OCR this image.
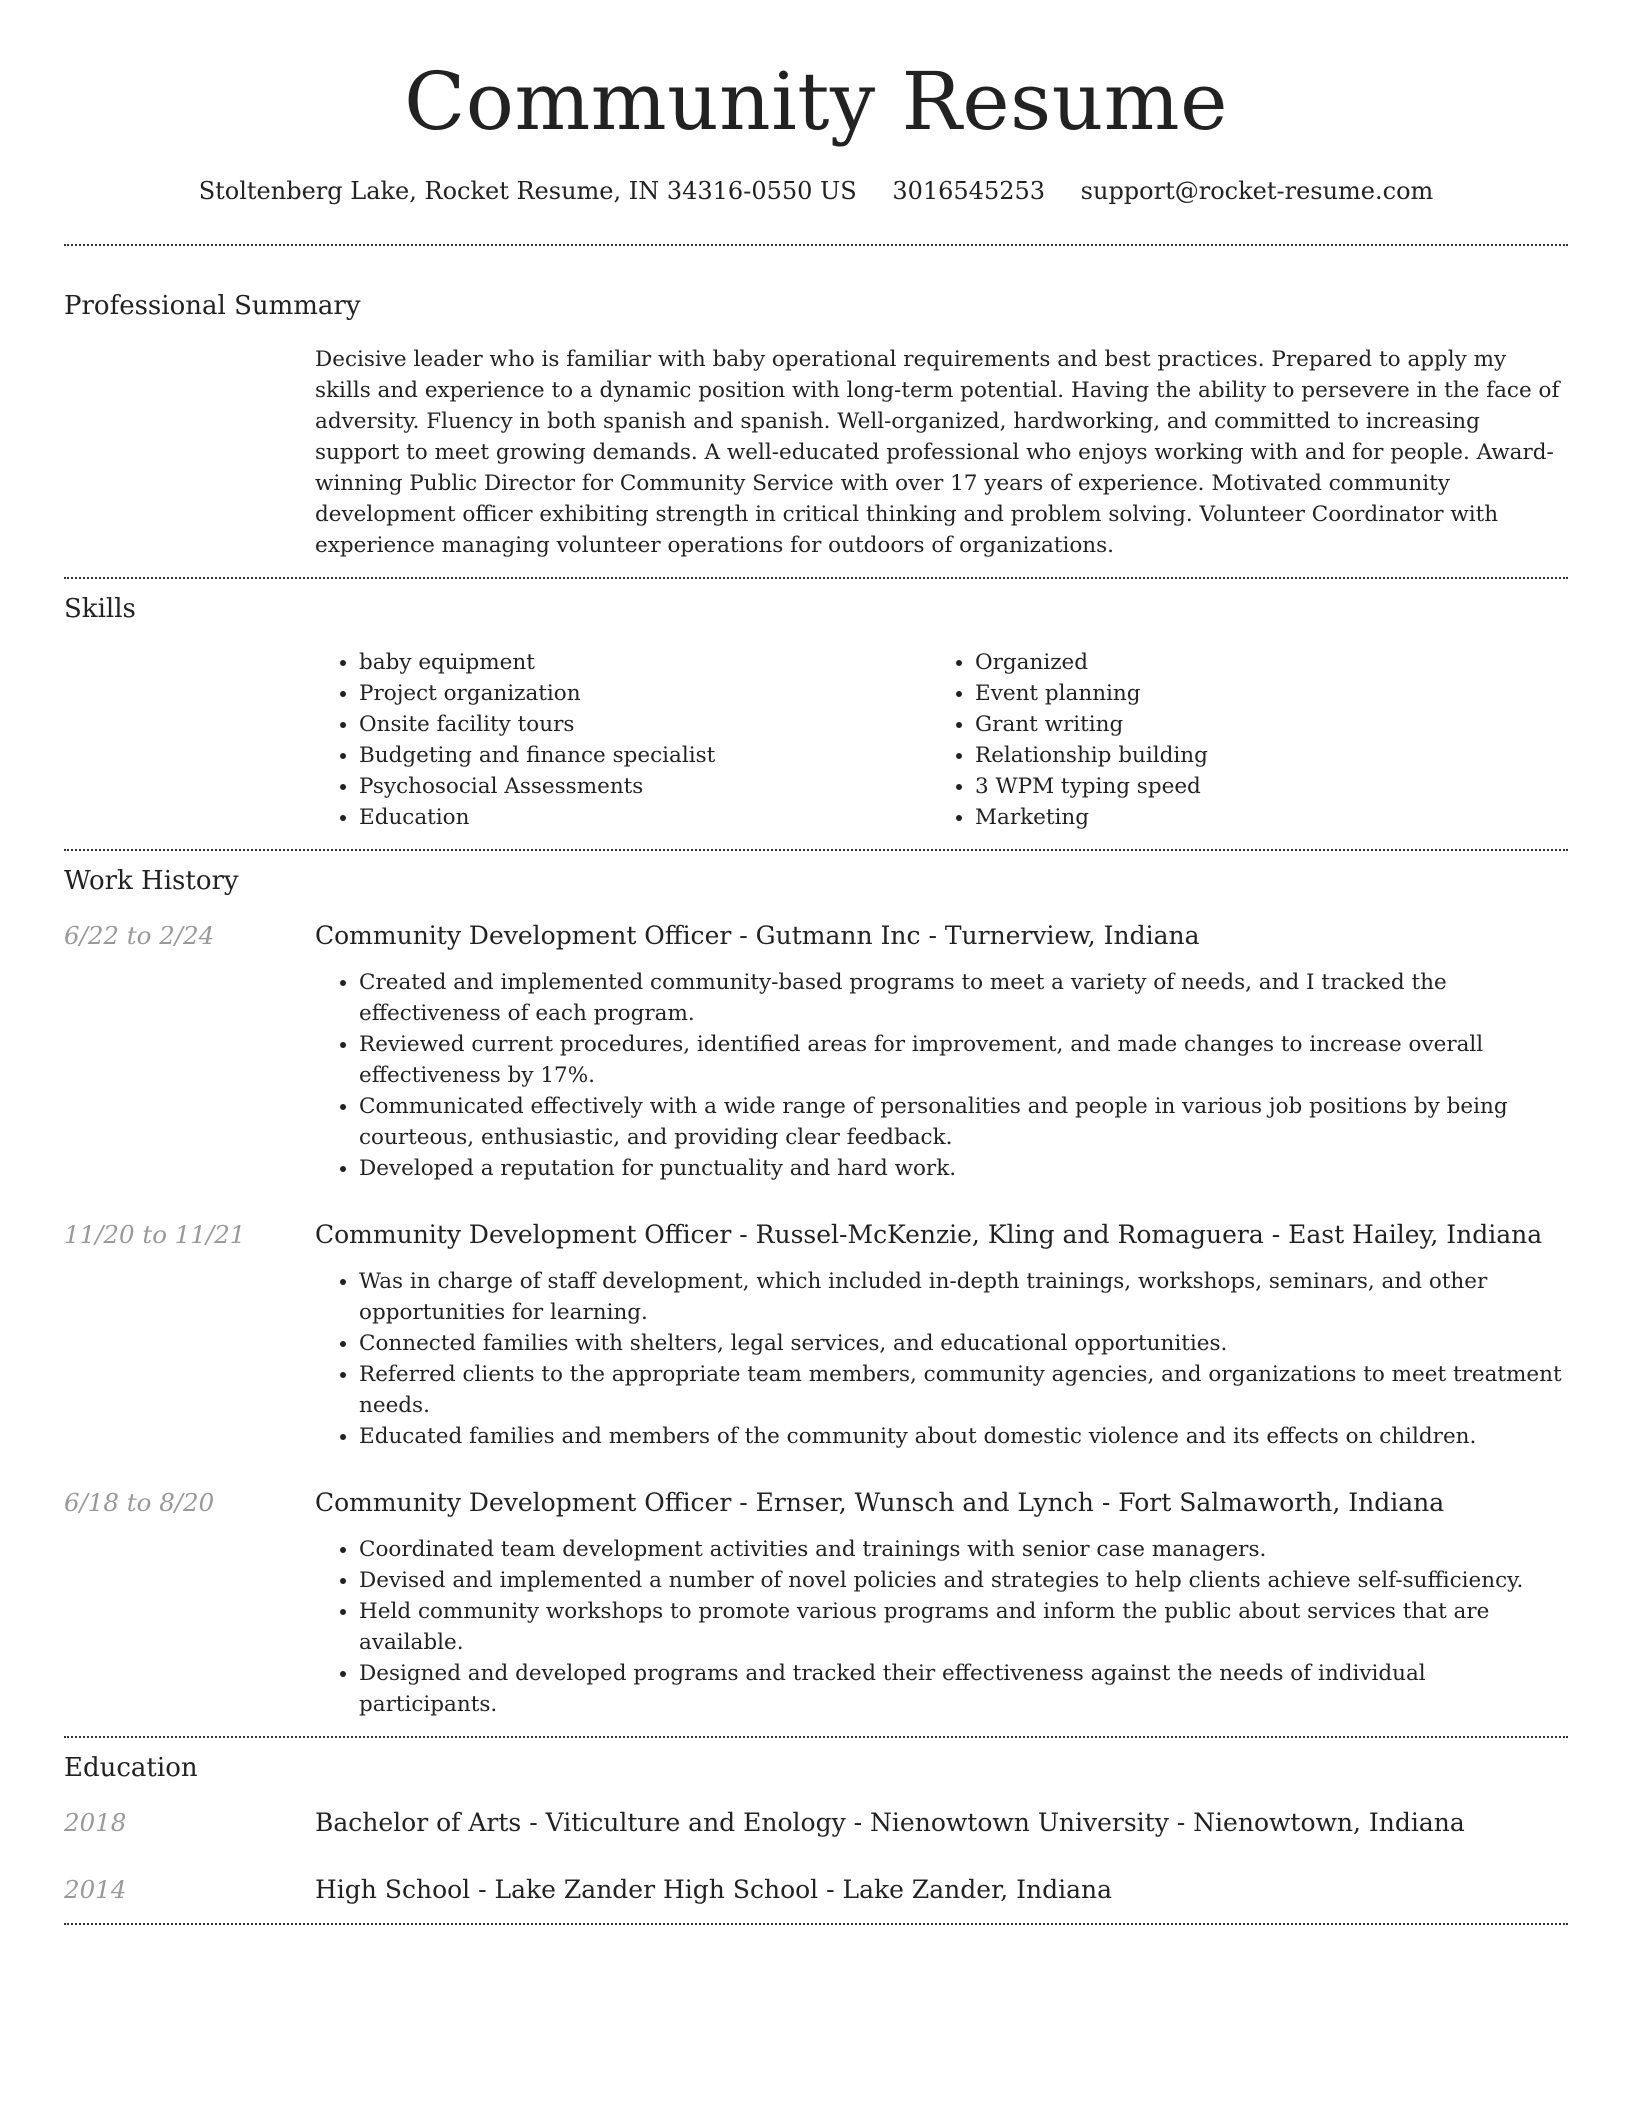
Community Resume
Stoltenberg Lake, Rocket Resume, IN 34316-0550 US 3016545253 support@rocket-resume.com
Professional Summary
Decisive leader who is familiar with baby operational requirements and best practices. Prepared to apply my skills and experience to a dynamic position with long-term potential. Having the ability to persevere in the face of adversity. Fluency in both spanish and spanish. Well-organized, hardworking, and committed to increasing support to meet growing demands. A well-educated professional who enjoys working with and for people. Award-winning Public Director for Community Service with over 17 years of experience. Motivated community development officer exhibiting strength in critical thinking and problem solving. Volunteer Coordinator with experience managing volunteer operations for outdoors of organizations.
Skills
• baby equipment
• Project organization
• Onsite facility tours
• Budgeting and finance specialist
• Psychosocial Assessments
• Education
• Organized
• Event planning
• Grant writing
• Relationship building
• 3 WPM typing speed
• Marketing
Work History
6/22 to 2/24	Community Development Officer - Gutmann Inc - Turnerview, Indiana
• Created and implemented community-based programs to meet a variety of needs, and I tracked the effectiveness of each program.
• Reviewed current procedures, identified areas for improvement, and made changes to increase overall effectiveness by 17%.
• Communicated effectively with a wide range of personalities and people in various job positions by being courteous, enthusiastic, and providing clear feedback.
• Developed a reputation for punctuality and hard work.
11/20 to 11/21	Community Development Officer - Russel-McKenzie, Kling and Romaguera - East Hailey, Indiana
• Was in charge of staff development, which included in-depth trainings, workshops, seminars, and other opportunities for learning.
• Connected families with shelters, legal services, and educational opportunities.
• Referred clients to the appropriate team members, community agencies, and organizations to meet treatment needs.
• Educated families and members of the community about domestic violence and its effects on children.
6/18 to 8/20	Community Development Officer - Ernser, Wunsch and Lynch - Fort Salmaworth, Indiana
• Coordinated team development activities and trainings with senior case managers.
• Devised and implemented a number of novel policies and strategies to help clients achieve self-sufficiency.
• Held community workshops to promote various programs and inform the public about services that are available.
• Designed and developed programs and tracked their effectiveness against the needs of individual participants.
Education
2018	Bachelor of Arts - Viticulture and Enology - Nienowtown University - Nienowtown, Indiana
2014	High School - Lake Zander High School - Lake Zander, Indiana
